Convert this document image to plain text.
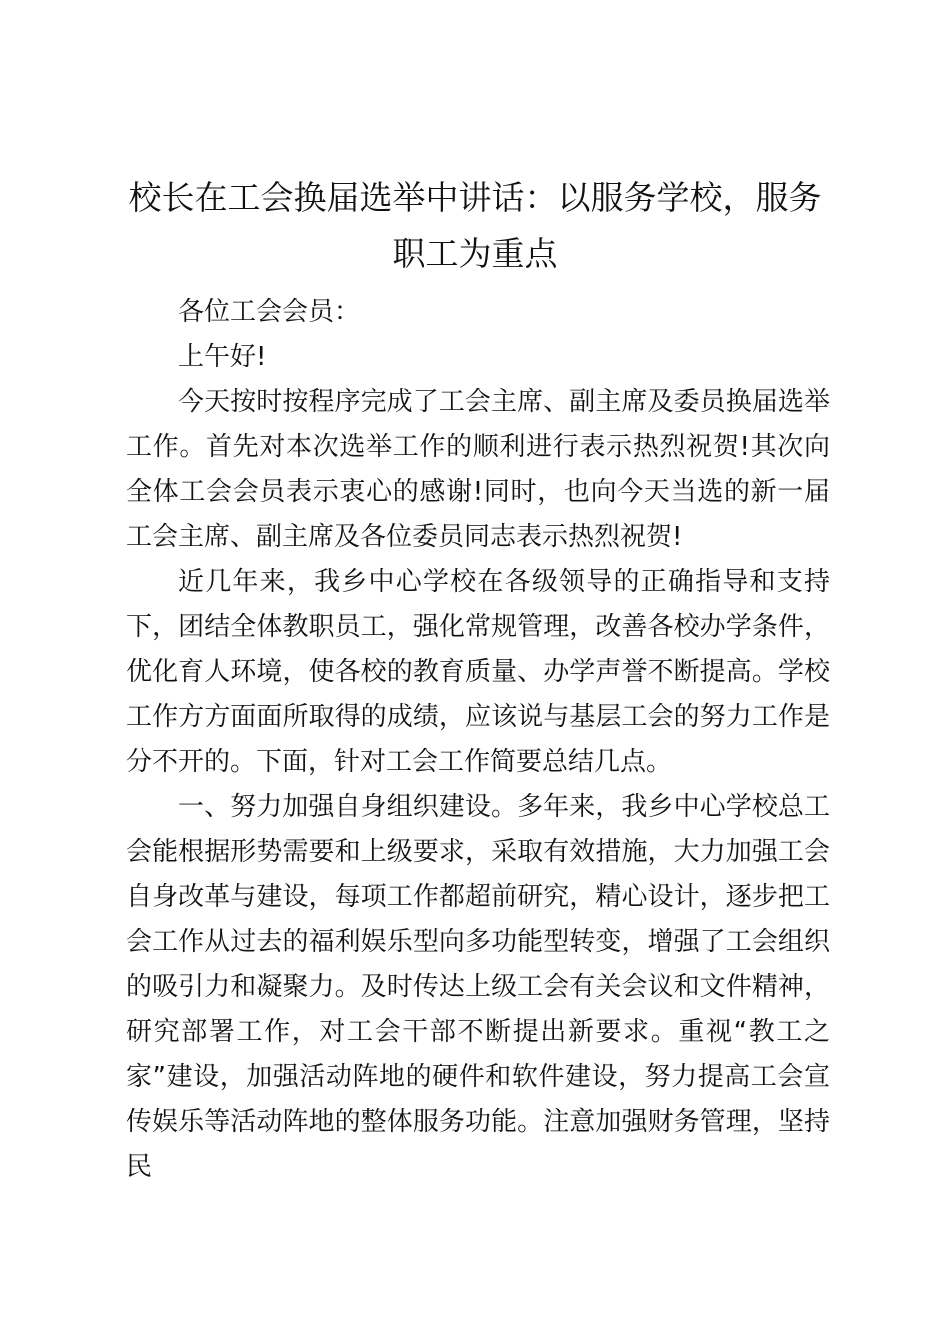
校长在工会换届选举中讲话：以服务学校，服务职工为重点

各位工会会员：

上午好!

今天按时按程序完成了工会主席、副主席及委员换届选举工作。首先对本次选举工作的顺利进行表示热烈祝贺!其次向全体工会会员表示衷心的感谢!同时，也向今天当选的新一届工会主席、副主席及各位委员同志表示热烈祝贺!

近几年来，我乡中心学校在各级领导的正确指导和支持下，团结全体教职员工，强化常规管理，改善各校办学条件，优化育人环境，使各校的教育质量、办学声誉不断提高。学校工作方方面面所取得的成绩，应该说与基层工会的努力工作是分不开的。下面，针对工会工作简要总结几点。

一、努力加强自身组织建设。多年来，我乡中心学校总工会能根据形势需要和上级要求，采取有效措施，大力加强工会自身改革与建设，每项工作都超前研究，精心设计，逐步把工会工作从过去的福利娱乐型向多功能型转变，增强了工会组织的吸引力和凝聚力。及时传达上级工会有关会议和文件精神，研究部署工作，对工会干部不断提出新要求。重视“教工之家”建设，加强活动阵地的硬件和软件建设，努力提高工会宣传娱乐等活动阵地的整体服务功能。注意加强财务管理，坚持民
